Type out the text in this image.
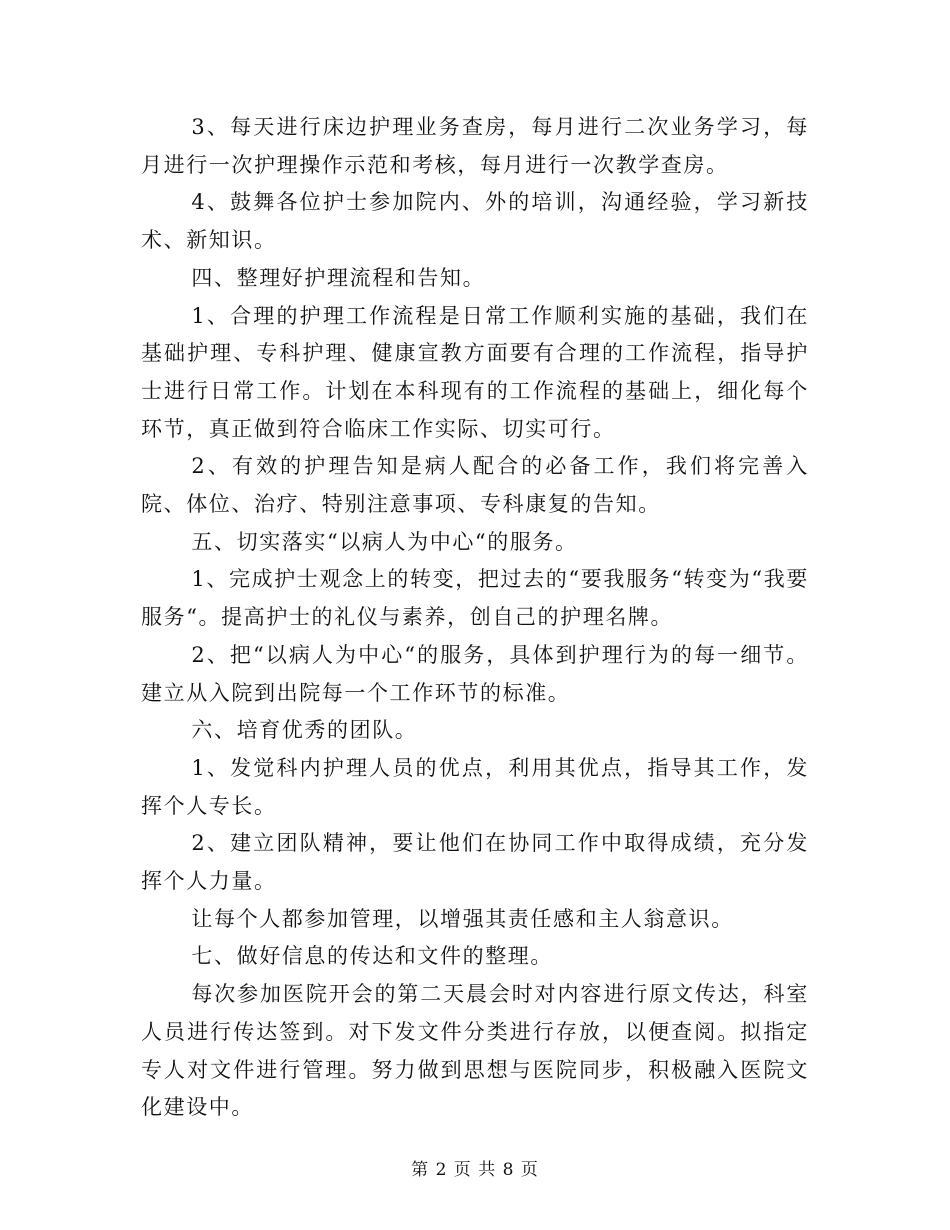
3、每天进行床边护理业务查房，每月进行二次业务学习，每月进行一次护理操作示范和考核，每月进行一次教学查房。

4、鼓舞各位护士参加院内、外的培训，沟通经验，学习新技术、新知识。

四、整理好护理流程和告知。

1、合理的护理工作流程是日常工作顺利实施的基础，我们在基础护理、专科护理、健康宣教方面要有合理的工作流程，指导护士进行日常工作。计划在本科现有的工作流程的基础上，细化每个环节，真正做到符合临床工作实际、切实可行。

2、有效的护理告知是病人配合的必备工作，我们将完善入院、体位、治疗、特别注意事项、专科康复的告知。

五、切实落实“以病人为中心“的服务。

1、完成护士观念上的转变，把过去的“要我服务“转变为“我要服务“。提高护士的礼仪与素养，创自己的护理名牌。

2、把“以病人为中心“的服务，具体到护理行为的每一细节。建立从入院到出院每一个工作环节的标准。

六、培育优秀的团队。

1、发觉科内护理人员的优点，利用其优点，指导其工作，发挥个人专长。

2、建立团队精神，要让他们在协同工作中取得成绩，充分发挥个人力量。

让每个人都参加管理，以增强其责任感和主人翁意识。

七、做好信息的传达和文件的整理。

每次参加医院开会的第二天晨会时对内容进行原文传达，科室人员进行传达签到。对下发文件分类进行存放，以便查阅。拟指定专人对文件进行管理。努力做到思想与医院同步，积极融入医院文化建设中。

第 2 页 共 8 页
